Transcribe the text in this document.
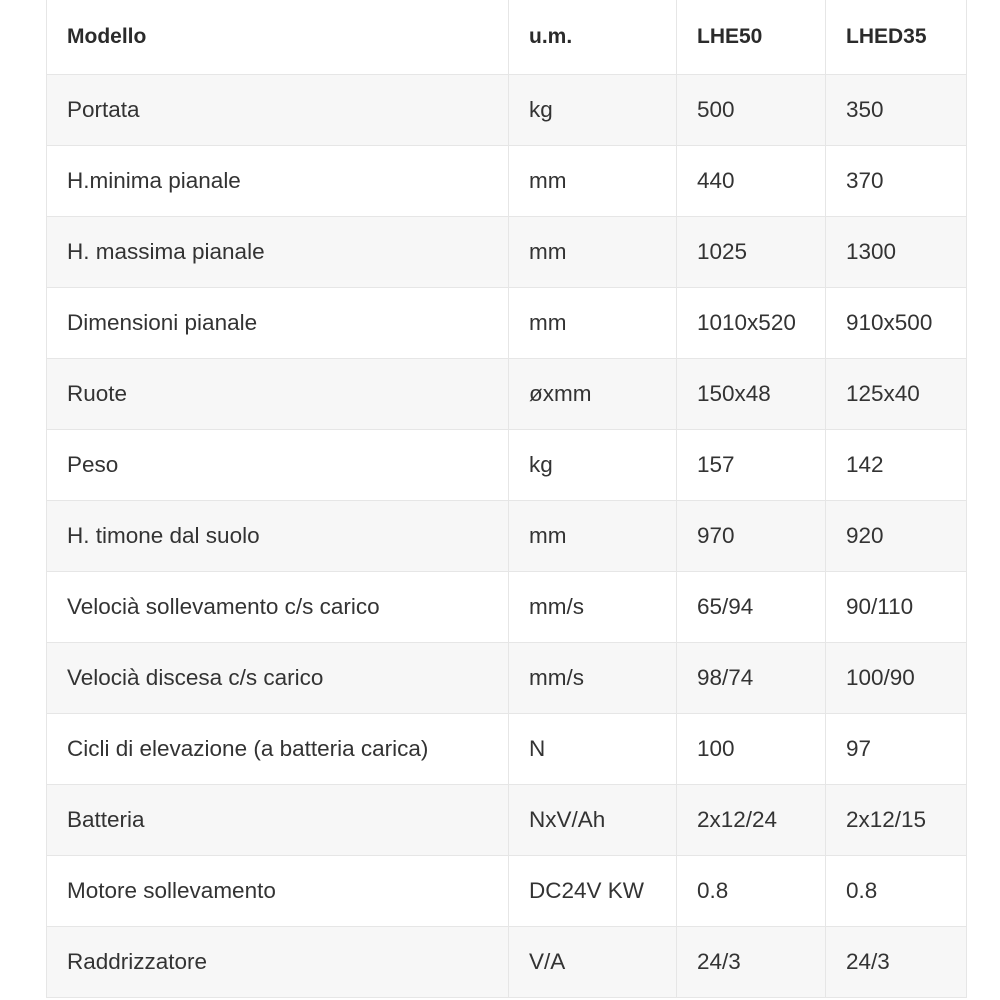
Modello	u.m.	LHE50	LHED35
Portata	kg	500	350
H.minima pianale	mm	440	370
H. massima pianale	mm	1025	1300
Dimensioni pianale	mm	1010x520	910x500
Ruote	øxmm	150x48	125x40
Peso	kg	157	142
H. timone dal suolo	mm	970	920
Velocià sollevamento c/s carico	mm/s	65/94	90/110
Velocià discesa c/s carico	mm/s	98/74	100/90
Cicli di elevazione (a batteria carica)	N	100	97
Batteria	NxV/Ah	2x12/24	2x12/15
Motore sollevamento	DC24V KW	0.8	0.8
Raddrizzatore	V/A	24/3	24/3
